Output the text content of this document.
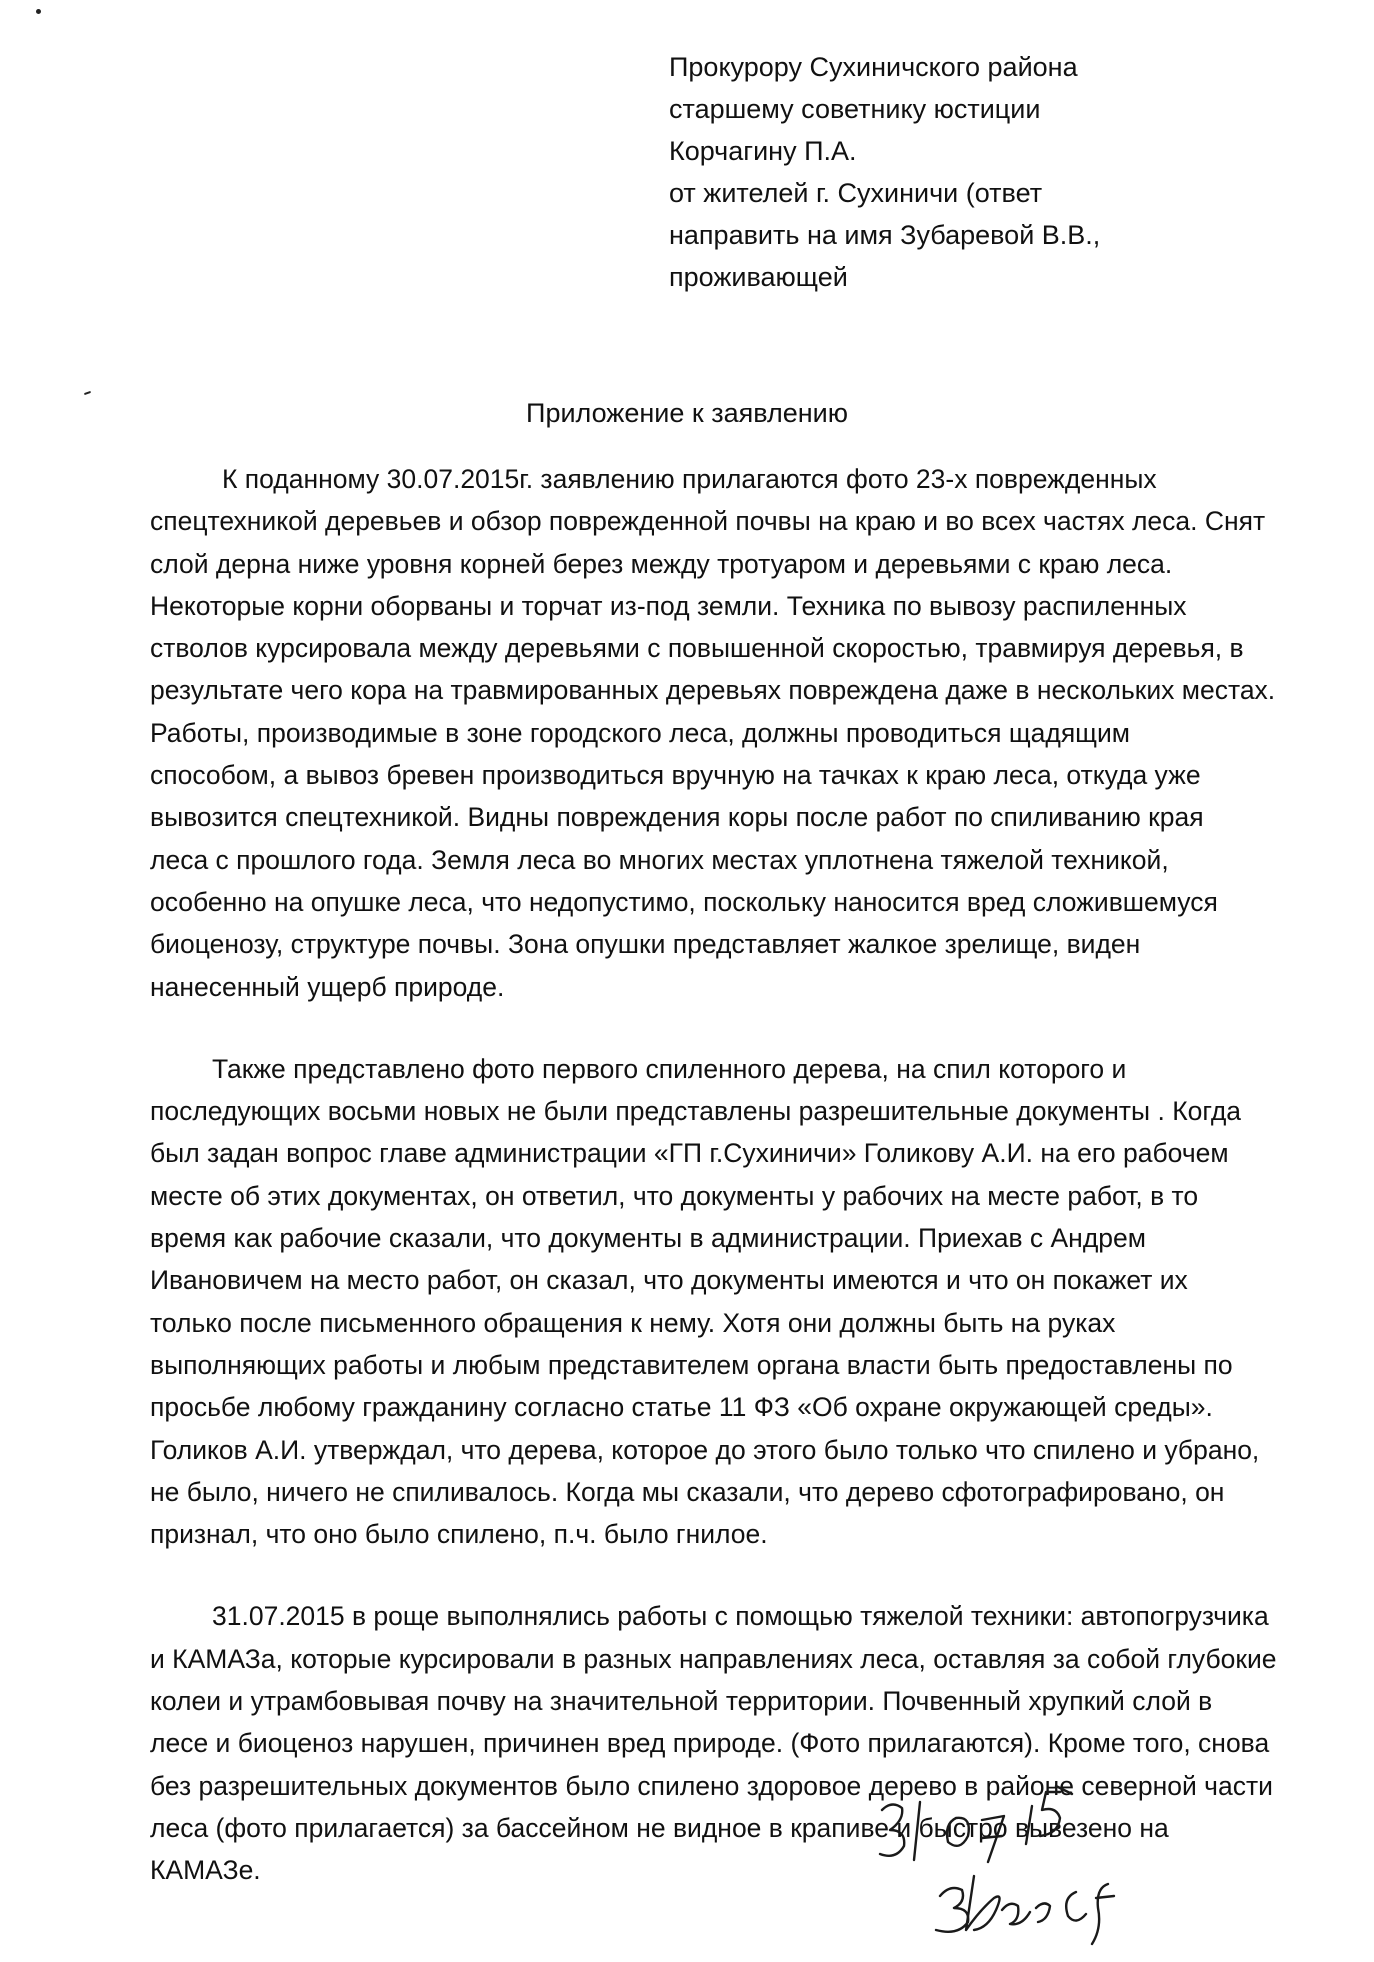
Прокурору Сухиничского района
старшему советнику юстиции
Корчагину П.А.
от жителей г. Сухиничи (ответ
направить на имя Зубаревой В.В.,
проживающей
Приложение к заявлению
К поданному 30.07.2015г. заявлению прилагаются фото 23-х поврежденных
спецтехникой деревьев и обзор поврежденной почвы на краю и во всех частях леса. Снят
слой дерна ниже уровня корней берез между тротуаром и деревьями с краю леса.
Некоторые корни оборваны и торчат из-под земли. Техника по вывозу распиленных
стволов курсировала между деревьями с повышенной скоростью, травмируя деревья, в
результате чего кора на травмированных деревьях повреждена даже в нескольких местах.
Работы, производимые в зоне городского леса, должны проводиться щадящим
способом, а вывоз бревен производиться вручную на тачках к краю леса, откуда уже
вывозится спецтехникой. Видны повреждения коры после работ по спиливанию края
леса с прошлого года. Земля леса во многих местах уплотнена тяжелой техникой,
особенно на опушке леса, что недопустимо, поскольку наносится вред сложившемуся
биоценозу, структуре почвы. Зона опушки представляет жалкое зрелище, виден
нанесенный ущерб природе.
Также представлено фото первого спиленного дерева, на спил которого и
последующих восьми новых не были представлены разрешительные документы . Когда
был задан вопрос главе администрации «ГП г.Сухиничи» Голикову А.И. на его рабочем
месте об этих документах, он ответил, что документы у рабочих на месте работ, в то
время как рабочие сказали, что документы в администрации. Приехав с Андрем
Ивановичем на место работ, он сказал, что документы имеются и что он покажет их
только после письменного обращения к нему. Хотя они должны быть на руках
выполняющих работы и любым представителем органа власти быть предоставлены по
просьбе любому гражданину согласно статье 11 ФЗ «Об охране окружающей среды».
Голиков А.И. утверждал, что дерева, которое до этого было только что спилено и убрано,
не было, ничего не спиливалось. Когда мы сказали, что дерево сфотографировано, он
признал, что оно было спилено, п.ч. было гнилое.
31.07.2015 в роще выполнялись работы с помощью тяжелой техники: автопогрузчика
и КАМАЗа, которые курсировали в разных направлениях леса, оставляя за собой глубокие
колеи и утрамбовывая почву на значительной территории. Почвенный хрупкий слой в
лесе и биоценоз нарушен, причинен вред природе. (Фото прилагаются). Кроме того, снова
без разрешительных документов было спилено здоровое дерево в районе северной части
леса (фото прилагается) за бассейном не видное в крапиве и быстро вывезено на
КАМАЗе.
